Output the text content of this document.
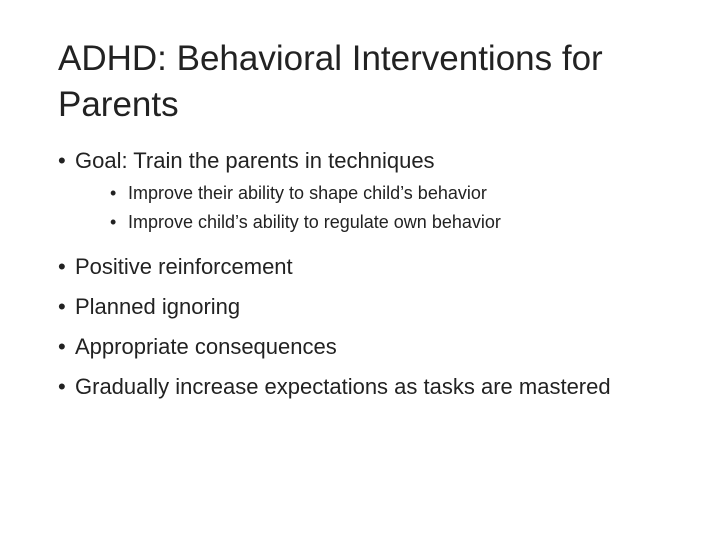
ADHD: Behavioral Interventions for Parents
• Goal: Train the parents in techniques
• Improve their ability to shape child’s behavior
• Improve child’s ability to regulate own behavior
• Positive reinforcement
• Planned ignoring
• Appropriate consequences
• Gradually increase expectations as tasks are mastered
